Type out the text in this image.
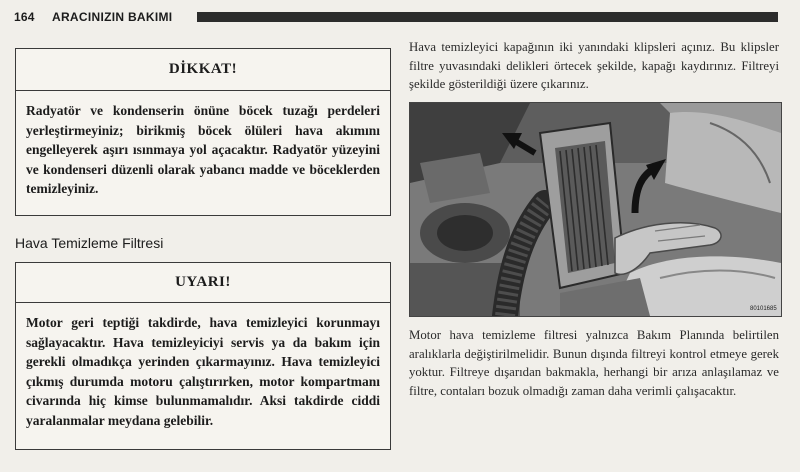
164 ARACINIZIN BAKIMI
DİKKAT!
Radyatör ve kondenserin önüne böcek tuzağı perdeleri yerleştirmeyiniz; birikmiş böcek ölüleri hava akımını engelleyerek aşırı ısınmaya yol açacaktır. Radyatör yüzeyini ve kondenseri düzenli olarak yabancı madde ve böceklerden temizleyiniz.
Hava Temizleme Filtresi
UYARI!
Motor geri teptiği takdirde, hava temizleyici korunmayı sağlayacaktır. Hava temizleyiciyi servis ya da bakım için gerekli olmadıkça yerinden çıkarmayınız. Hava temizleyici çıkmış durumda motoru çalıştırırken, motor kompartmanı civarında hiç kimse bulunmamalıdır. Aksi takdirde ciddi yaralanmalar meydana gelebilir.
Hava temizleyici kapağının iki yanındaki klipsleri açınız. Bu klipsler filtre yuvasındaki delikleri örtecek şekilde, kapağı kaydırınız. Filtreyi şekilde gösterildiği üzere çıkarınız.
80101685
Motor hava temizleme filtresi yalnızca Bakım Planında belirtilen aralıklarla değiştirilmelidir. Bunun dışında filtreyi kontrol etmeye gerek yoktur. Filtreye dışarıdan bakmakla, herhangi bir arıza anlaşılamaz ve filtre, contaları bozuk olmadığı zaman daha verimli çalışacaktır.
